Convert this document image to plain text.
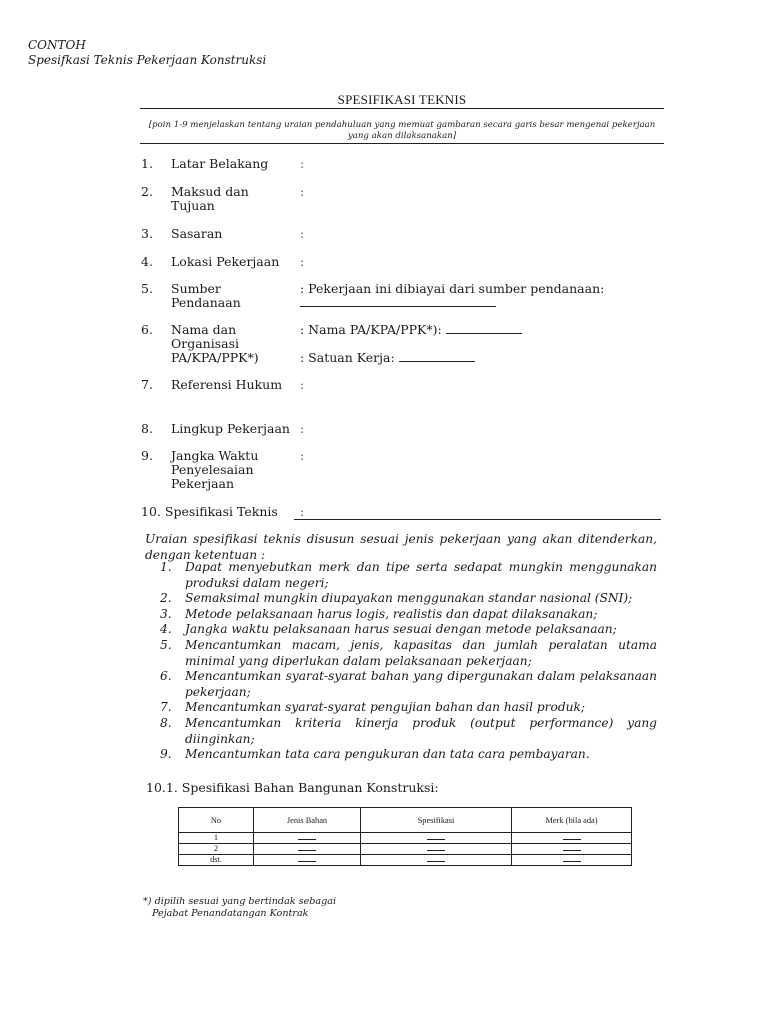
CONTOH
Spesifkasi Teknis Pekerjaan Konstruksi
SPESIFIKASI TEKNIS
[poin 1-9 menjelaskan tentang uraian pendahuluan yang memuat gambaran secara garis besar mengenai pekerjaan yang akan dilaksanakan]
1. Latar Belakang	:
2. Maksud dan Tujuan
:
3. Sasaran	:
4. Lokasi Pekerjaan	:
5. Sumber Pendanaan
: Pekerjaan ini dibiayai dari sumber pendanaan:
6. Nama dan Organisasi PA/KPA/PPK*)
: Nama PA/KPA/PPK*):
: Satuan Kerja:
7. Referensi Hukum	:
8. Lingkup Pekerjaan :
9. Jangka Waktu Penyelesaian Pekerjaan
:
10. Spesifikasi Teknis :
Uraian spesifikasi teknis disusun sesuai jenis pekerjaan yang akan ditenderkan, dengan ketentuan :
1. Dapat menyebutkan merk dan tipe serta sedapat mungkin menggunakan produksi dalam negeri;
2. Semaksimal mungkin diupayakan menggunakan standar nasional (SNI);
3. Metode pelaksanaan harus logis, realistis dan dapat dilaksanakan;
4. Jangka waktu pelaksanaan harus sesuai dengan metode pelaksanaan;
5. Mencantumkan macam, jenis, kapasitas dan jumlah peralatan utama minimal yang diperlukan dalam pelaksanaan pekerjaan;
6. Mencantumkan syarat-syarat bahan yang dipergunakan dalam pelaksanaan pekerjaan;
7. Mencantumkan syarat-syarat pengujian bahan dan hasil produk;
8. Mencantumkan kriteria kinerja produk (output performance) yang diinginkan;
9. Mencantumkan tata cara pengukuran dan tata cara pembayaran.
10.1. Spesifikasi Bahan Bangunan Konstruksi:
No	Jenis Bahan	Spesifikasi	Merk (bila ada)
1			
2			
dst.			
*) dipilih sesuai yang bertindak sebagai
Pejabat Penandatangan Kontrak
